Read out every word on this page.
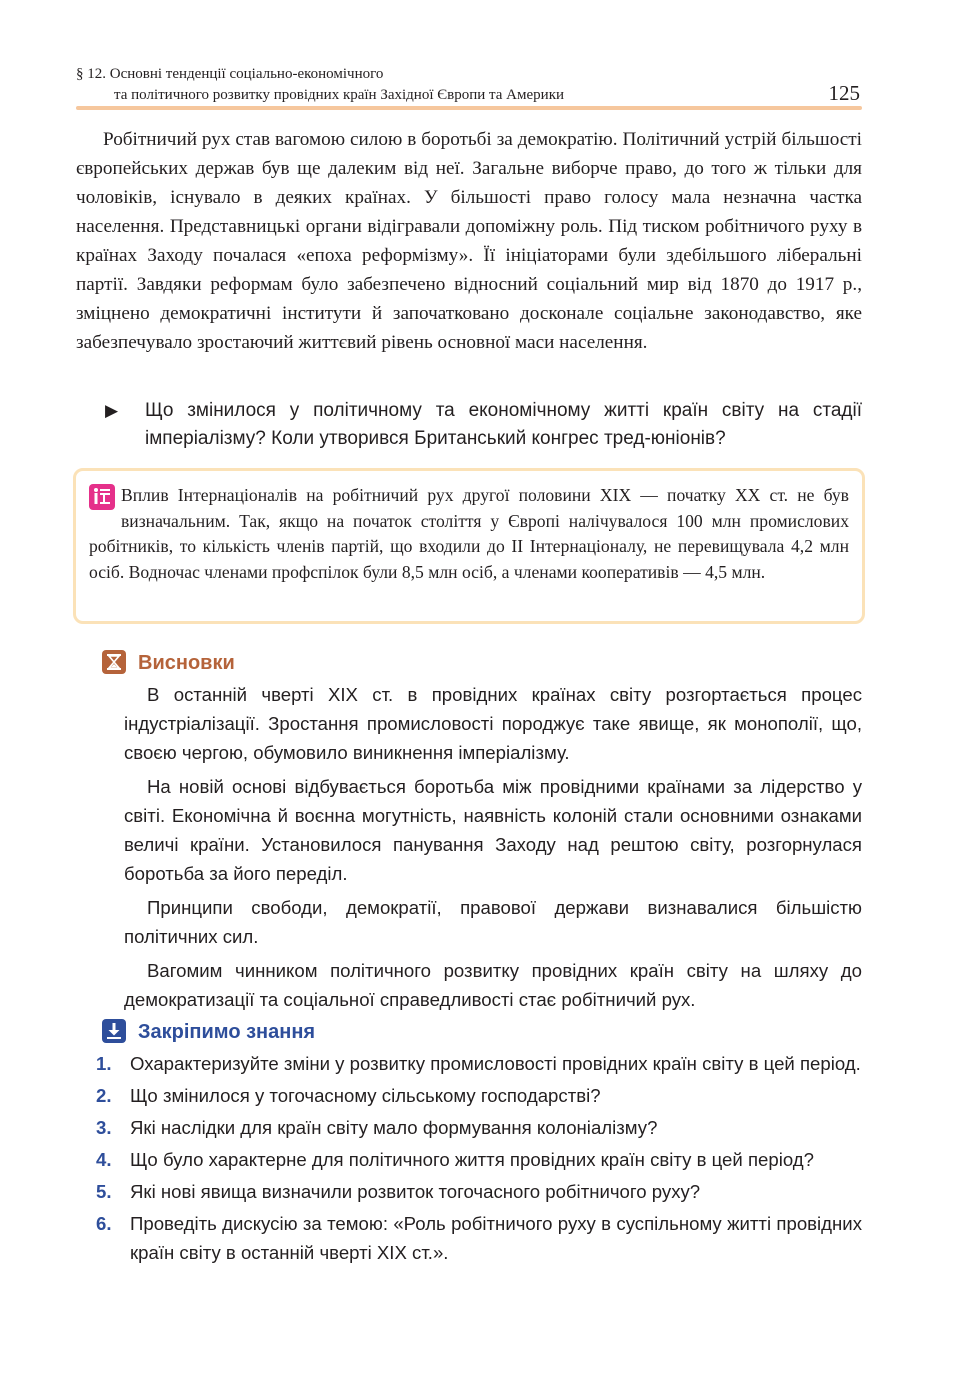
§ 12. Основні тенденції соціально-економічного
та політичного розвитку провідних країн Західної Європи та Америки	125

Робітничий рух став вагомою силою в боротьбі за демократію. Політичний устрій більшості європейських держав був ще далеким від неї. Загальне виборче право, до того ж тільки для чоловіків, існувало в деяких країнах. У більшості право голосу мала незначна частка населення. Представницькі органи відігравали допоміжну роль. Під тиском робітничого руху в країнах Заходу почалася «епоха реформізму». Її ініціаторами були здебільшого ліберальні партії. Завдяки реформам було забезпечено відносний соціальний мир від 1870 до 1917 р., зміцнено демократичні інститути й започатковано досконале соціальне законодавство, яке забезпечувало зростаючий життєвий рівень основної маси населення.

▶ Що змінилося у політичному та економічному житті країн світу на стадії імперіалізму? Коли утворився Британський конгрес тред-юніонів?

Вплив Інтернаціоналів на робітничий рух другої половини XIX — початку XX ст. не був визначальним. Так, якщо на початок століття у Європі налічувалося 100 млн промислових робітників, то кількість членів партій, що входили до II Інтернаціоналу, не перевищувала 4,2 млн осіб. Водночас членами профспілок були 8,5 млн осіб, а членами кооперативів — 4,5 млн.

Висновки

В останній чверті XIX ст. в провідних країнах світу розгортається процес індустріалізації. Зростання промисловості породжує таке явище, як монополії, що, своєю чергою, обумовило виникнення імперіалізму.

На новій основі відбувається боротьба між провідними країнами за лідерство у світі. Економічна й воєнна могутність, наявність колоній стали основними ознаками величі країни. Установилося панування Заходу над рештою світу, розгорнулася боротьба за його переділ.

Принципи свободи, демократії, правової держави визнавалися більшістю політичних сил.

Вагомим чинником політичного розвитку провідних країн світу на шляху до демократизації та соціальної справедливості стає робітничий рух.

Закріпимо знання
1. Охарактеризуйте зміни у розвитку промисловості провідних країн світу в цей період.
2. Що змінилося у тогочасному сільському господарстві?
3. Які наслідки для країн світу мало формування колоніалізму?
4. Що було характерне для політичного життя провідних країн світу в цей період?
5. Які нові явища визначили розвиток тогочасного робітничого руху?
6. Проведіть дискусію за темою: «Роль робітничого руху в суспільному житті провідних країн світу в останній чверті XIX ст.».
